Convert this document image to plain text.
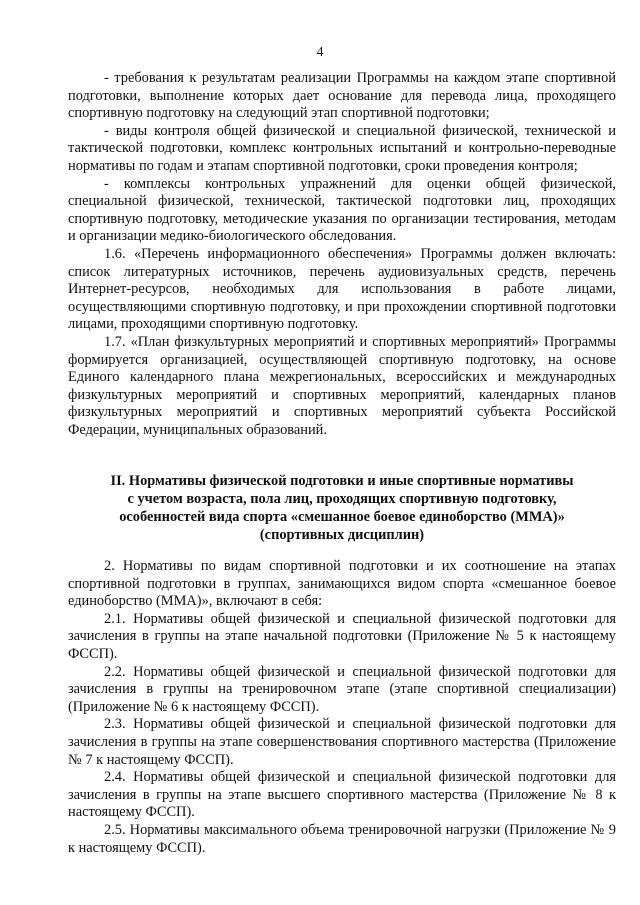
4

- требования к результатам реализации Программы на каждом этапе спортивной подготовки, выполнение которых дает основание для перевода лица, проходящего спортивную подготовку на следующий этап спортивной подготовки;

- виды контроля общей физической и специальной физической, технической и тактической подготовки, комплекс контрольных испытаний и контрольно-переводные нормативы по годам и этапам спортивной подготовки, сроки проведения контроля;

- комплексы контрольных упражнений для оценки общей физической, специальной физической, технической, тактической подготовки лиц, проходящих спортивную подготовку, методические указания по организации тестирования, методам и организации медико-биологического обследования.

1.6. «Перечень информационного обеспечения» Программы должен включать: список литературных источников, перечень аудиовизуальных средств, перечень Интернет-ресурсов, необходимых для использования в работе лицами, осуществляющими спортивную подготовку, и при прохождении спортивной подготовки лицами, проходящими спортивную подготовку.

1.7. «План физкультурных мероприятий и спортивных мероприятий» Программы формируется организацией, осуществляющей спортивную подготовку, на основе Единого календарного плана межрегиональных, всероссийских и международных физкультурных мероприятий и спортивных мероприятий, календарных планов физкультурных мероприятий и спортивных мероприятий субъекта Российской Федерации, муниципальных образований.

II. Нормативы физической подготовки и иные спортивные нормативы
с учетом возраста, пола лиц, проходящих спортивную подготовку,
особенностей вида спорта «смешанное боевое единоборство (ММА)»
(спортивных дисциплин)

2. Нормативы по видам спортивной подготовки и их соотношение на этапах спортивной подготовки в группах, занимающихся видом спорта «смешанное боевое единоборство (ММА)», включают в себя:

2.1. Нормативы общей физической и специальной физической подготовки для зачисления в группы на этапе начальной подготовки (Приложение № 5 к настоящему ФССП).

2.2. Нормативы общей физической и специальной физической подготовки для зачисления в группы на тренировочном этапе (этапе спортивной специализации) (Приложение № 6 к настоящему ФССП).

2.3. Нормативы общей физической и специальной физической подготовки для зачисления в группы на этапе совершенствования спортивного мастерства (Приложение № 7 к настоящему ФССП).

2.4. Нормативы общей физической и специальной физической подготовки для зачисления в группы на этапе высшего спортивного мастерства (Приложение № 8 к настоящему ФССП).

2.5. Нормативы максимального объема тренировочной нагрузки (Приложение № 9 к настоящему ФССП).
